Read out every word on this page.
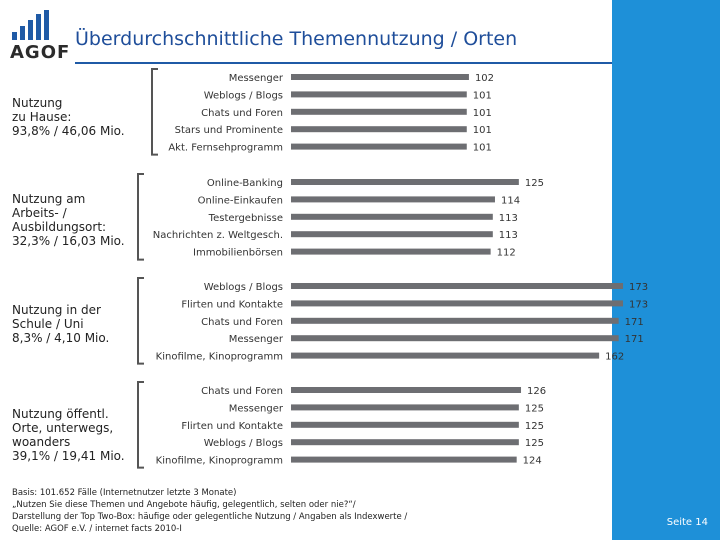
AGOF
Überdurchschnittliche Themennutzung / Orten
Seite 14
Nutzung
zu Hause:
93,8% / 46,06 Mio.
Nutzung am
Arbeits- /
Ausbildungsort:
32,3% / 16,03 Mio.
Nutzung in der
Schule / Uni
8,3% / 4,10 Mio.
Nutzung öffentl.
Orte, unterwegs,
woanders
39,1% / 19,41 Mio.
Messenger	102
Weblogs / Blogs	101
Chats und Foren	101
Stars und Prominente	101
Akt. Fernsehprogramm	101
Online-Banking	125
Online-Einkaufen	114
Testergebnisse	113
Nachrichten z. Weltgesch.	113
Immobilienbörsen	112
Weblogs / Blogs	173
Flirten und Kontakte	173
Chats und Foren	171
Messenger	171
Kinofilme, Kinoprogramm	162
Chats und Foren	126
Messenger	125
Flirten und Kontakte	125
Weblogs / Blogs	125
Kinofilme, Kinoprogramm	124
Basis: 101.652 Fälle (Internetnutzer letzte 3 Monate)
„Nutzen Sie diese Themen und Angebote häufig, gelegentlich, selten oder nie?“/
Darstellung der Top Two-Box: häufige oder gelegentliche Nutzung / Angaben als Indexwerte /
Quelle: AGOF e.V. / internet facts 2010-I
